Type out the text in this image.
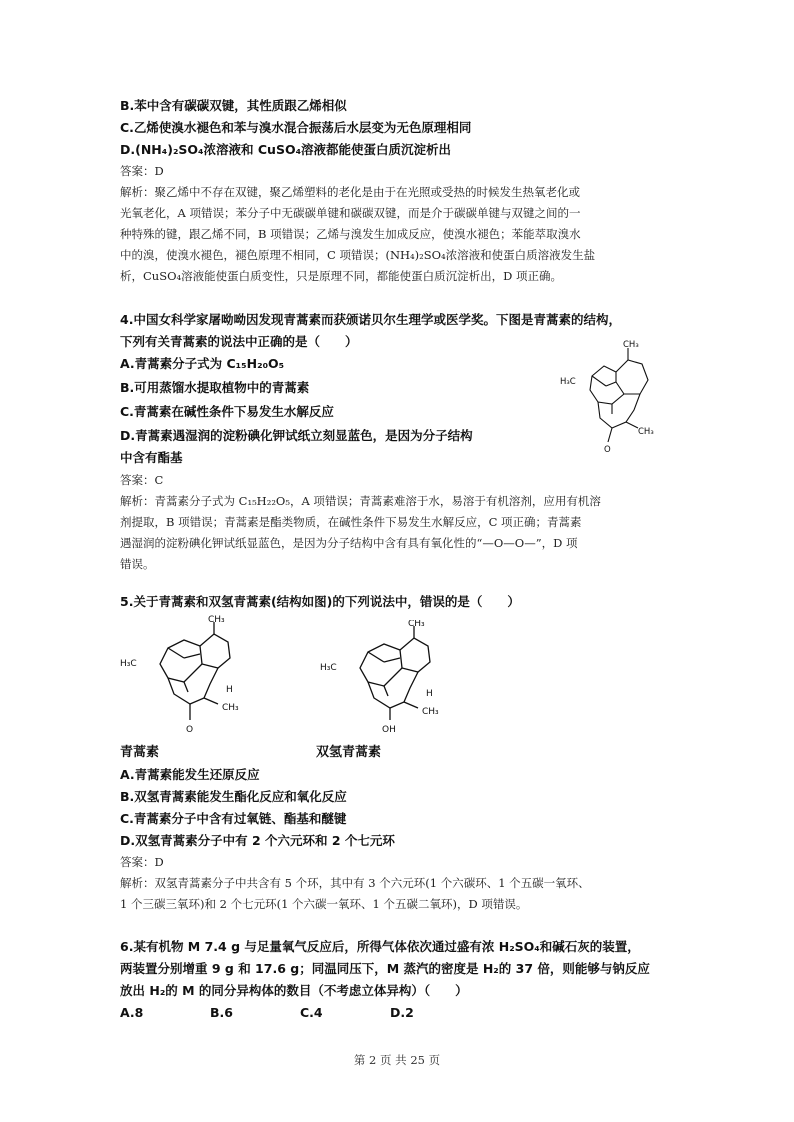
B.苯中含有碳碳双键，其性质跟乙烯相似
C.乙烯使溴水褪色和苯与溴水混合振荡后水层变为无色原理相同
D.(NH₄)₂SO₄浓溶液和 CuSO₄溶液都能使蛋白质沉淀析出
答案：D
解析：聚乙烯中不存在双键，聚乙烯塑料的老化是由于在光照或受热的时候发生热氧老化或
光氧老化，A 项错误；苯分子中无碳碳单键和碳碳双键，而是介于碳碳单键与双键之间的一
种特殊的键，跟乙烯不同，B 项错误；乙烯与溴发生加成反应，使溴水褪色；苯能萃取溴水
中的溴，使溴水褪色，褪色原理不相同，C 项错误；(NH₄)₂SO₄浓溶液和使蛋白质溶液发生盐
析，CuSO₄溶液能使蛋白质变性，只是原理不同，都能使蛋白质沉淀析出，D 项正确。
4.中国女科学家屠呦呦因发现青蒿素而获颁诺贝尔生理学或医学奖。下图是青蒿素的结构，
下列有关青蒿素的说法中正确的是（　　）
A.青蒿素分子式为 C₁₅H₂₀O₅
B.可用蒸馏水提取植物中的青蒿素
C.青蒿素在碱性条件下易发生水解反应
D.青蒿素遇湿润的淀粉碘化钾试纸立刻显蓝色，是因为分子结构
中含有酯基
答案：C
解析：青蒿素分子式为 C₁₅H₂₂O₅，A 项错误；青蒿素难溶于水，易溶于有机溶剂，应用有机溶
剂提取，B 项错误；青蒿素是酯类物质，在碱性条件下易发生水解反应，C 项正确；青蒿素
遇湿润的淀粉碘化钾试纸显蓝色，是因为分子结构中含有具有氧化性的“—O—O—”，D 项
错误。
CH₃
H₃C
CH₃
O
5.关于青蒿素和双氢青蒿素(结构如图)的下列说法中，错误的是（　　）
CH₃
H₃C
H
CH₃
O
CH₃
H₃C
H
CH₃
OH
青蒿素	双氢青蒿素
A.青蒿素能发生还原反应
B.双氢青蒿素能发生酯化反应和氧化反应
C.青蒿素分子中含有过氧链、酯基和醚键
D.双氢青蒿素分子中有 2 个六元环和 2 个七元环
答案：D
解析：双氢青蒿素分子中共含有 5 个环，其中有 3 个六元环(1 个六碳环、1 个五碳一氧环、
1 个三碳三氧环)和 2 个七元环(1 个六碳一氧环、1 个五碳二氧环)，D 项错误。
6.某有机物 M 7.4 g 与足量氧气反应后，所得气体依次通过盛有浓 H₂SO₄和碱石灰的装置，
两装置分别增重 9 g 和 17.6 g；同温同压下，M 蒸汽的密度是 H₂的 37 倍，则能够与钠反应
放出 H₂的 M 的同分异构体的数目（不考虑立体异构）（　　）
A.8	B.6	C.4	D.2
第 2 页 共 25 页
